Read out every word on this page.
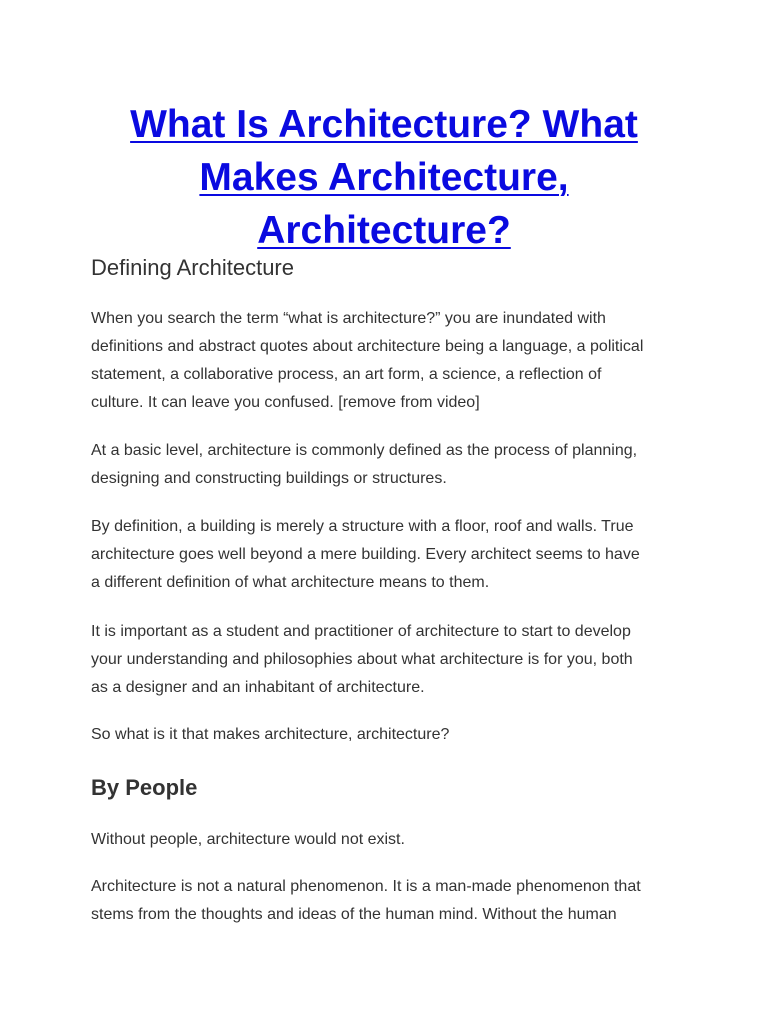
What Is Architecture? What
Makes Architecture,
Architecture?
Defining Architecture

When you search the term “what is architecture?” you are inundated with
definitions and abstract quotes about architecture being a language, a political
statement, a collaborative process, an art form, a science, a reflection of
culture. It can leave you confused. [remove from video]

At a basic level, architecture is commonly defined as the process of planning,
designing and constructing buildings or structures.

By definition, a building is merely a structure with a floor, roof and walls. True
architecture goes well beyond a mere building. Every architect seems to have
a different definition of what architecture means to them.

It is important as a student and practitioner of architecture to start to develop
your understanding and philosophies about what architecture is for you, both
as a designer and an inhabitant of architecture.

So what is it that makes architecture, architecture?

By People

Without people, architecture would not exist.

Architecture is not a natural phenomenon. It is a man-made phenomenon that
stems from the thoughts and ideas of the human mind. Without the human
